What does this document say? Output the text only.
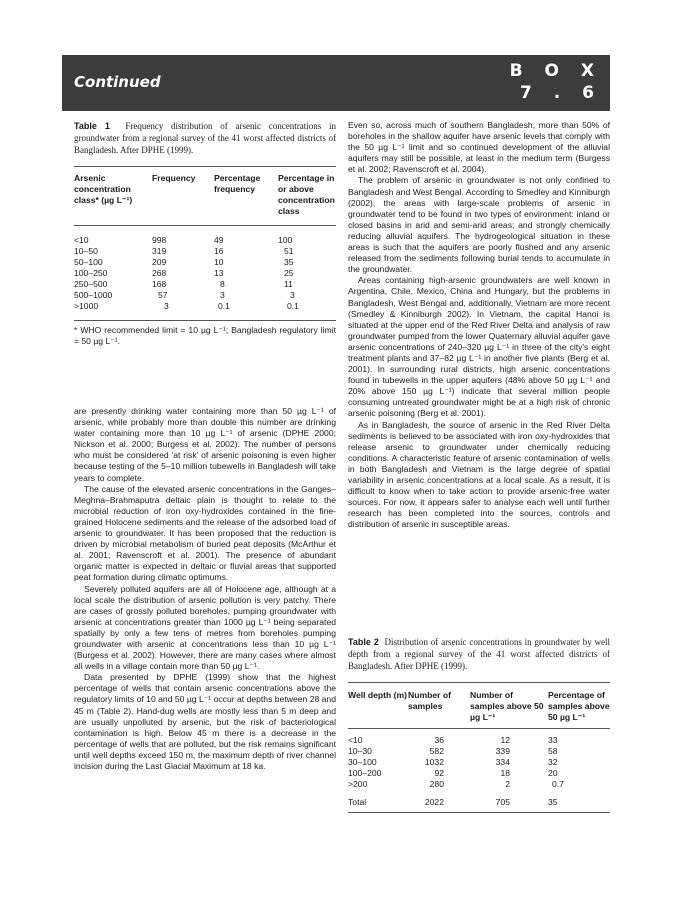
Continued
B O X
7 . 6
Table 1 Frequency distribution of arsenic concentrations in groundwater from a regional survey of the 41 worst affected districts of Bangladesh. After DPHE (1999).
Arsenic concentration class* (µg L⁻¹)	Frequency	Percentage frequency	Percentage in or above concentration class
<10	998	49	100
10–50	319	16	51
50–100	209	10	35
100–250	268	13	25
250–500	168	8	11
500–1000	57	3	3
>1000	3	0.1	0.1
* WHO recommended limit = 10 µg L⁻¹; Bangladesh regulatory limit = 50 µg L⁻¹.

are presently drinking water containing more than 50 µg L⁻¹ of arsenic, while probably more than double this number are drinking water containing more than 10 µg L⁻¹ of arsenic (DPHE 2000; Nickson et al. 2000; Burgess et al. 2002). The number of persons who must be considered 'at risk' of arsenic poisoning is even higher because testing of the 5–10 million tubewells in Bangladesh will take years to complete.

The cause of the elevated arsenic concentrations in the Ganges–Meghna–Brahmaputra deltaic plain is thought to relate to the microbial reduction of iron oxy-hydroxides contained in the fine-grained Holocene sediments and the release of the adsorbed load of arsenic to groundwater. It has been proposed that the reduction is driven by microbial metabolism of buried peat deposits (McArthur et al. 2001; Ravenscroft et al. 2001). The presence of abundant organic matter is expected in deltaic or fluvial areas that supported peat formation during climatic optimums.

Severely polluted aquifers are all of Holocene age, although at a local scale the distribution of arsenic pollution is very patchy. There are cases of grossly polluted boreholes, pumping groundwater with arsenic at concentrations greater than 1000 µg L⁻¹ being separated spatially by only a few tens of metres from boreholes pumping groundwater with arsenic at concentrations less than 10 µg L⁻¹ (Burgess et al. 2002). However, there are many cases where almost all wells in a village contain more than 50 µg L⁻¹.

Data presented by DPHE (1999) show that the highest percentage of wells that contain arsenic concentrations above the regulatory limits of 10 and 50 µg L⁻¹ occur at depths between 28 and 45 m (Table 2). Hand-dug wells are mostly less than 5 m deep and are usually unpolluted by arsenic, but the risk of bacteriological contamination is high. Below 45 m there is a decrease in the percentage of wells that are polluted, but the risk remains significant until well depths exceed 150 m, the maximum depth of river channel incision during the Last Glacial Maximum at 18 ka.

Even so, across much of southern Bangladesh, more than 50% of boreholes in the shallow aquifer have arsenic levels that comply with the 50 µg L⁻¹ limit and so continued development of the alluvial aquifers may still be possible, at least in the medium term (Burgess et al. 2002; Ravenscroft et al. 2004).

The problem of arsenic in groundwater is not only confined to Bangladesh and West Bengal. According to Smedley and Kinniburgh (2002), the areas with large-scale problems of arsenic in groundwater tend to be found in two types of environment: inland or closed basins in arid and semi-arid areas; and strongly chemically reducing alluvial aquifers. The hydrogeological situation in these areas is such that the aquifers are poorly flushed and any arsenic released from the sediments following burial tends to accumulate in the groundwater.

Areas containing high-arsenic groundwaters are well known in Argentina, Chile, Mexico, China and Hungary, but the problems in Bangladesh, West Bengal and, additionally, Vietnam are more recent (Smedley & Kinniburgh 2002). In Vietnam, the capital Hanoi is situated at the upper end of the Red River Delta and analysis of raw groundwater pumped from the lower Quaternary alluvial aquifer gave arsenic concentrations of 240–320 µg L⁻¹ in three of the city's eight treatment plants and 37–82 µg L⁻¹ in another five plants (Berg et al. 2001). In surrounding rural districts, high arsenic concentrations found in tubewells in the upper aquifers (48% above 50 µg L⁻¹ and 20% above 150 µg L⁻¹) indicate that several million people consuming untreated groundwater might be at a high risk of chronic arsenic poisoning (Berg et al. 2001).

As in Bangladesh, the source of arsenic in the Red River Delta sediments is believed to be associated with iron oxy-hydroxides that release arsenic to groundwater under chemically reducing conditions. A characteristic feature of arsenic contamination of wells in both Bangladesh and Vietnam is the large degree of spatial variability in arsenic concentrations at a local scale. As a result, it is difficult to know when to take action to provide arsenic-free water sources. For now, it appears safer to analyse each well until further research has been completed into the sources, controls and distribution of arsenic in susceptible areas.

Table 2 Distribution of arsenic concentrations in groundwater by well depth from a regional survey of the 41 worst affected districts of Bangladesh. After DPHE (1999).
Well depth (m)	Number of samples	Number of samples above 50 µg L⁻¹	Percentage of samples above 50 µg L⁻¹
<10	36		12		33
10–30	582		339		58
30–100	1032		334		32
100–200	92		18		20
>200	280		2		0.7
Total	2022		705		35
